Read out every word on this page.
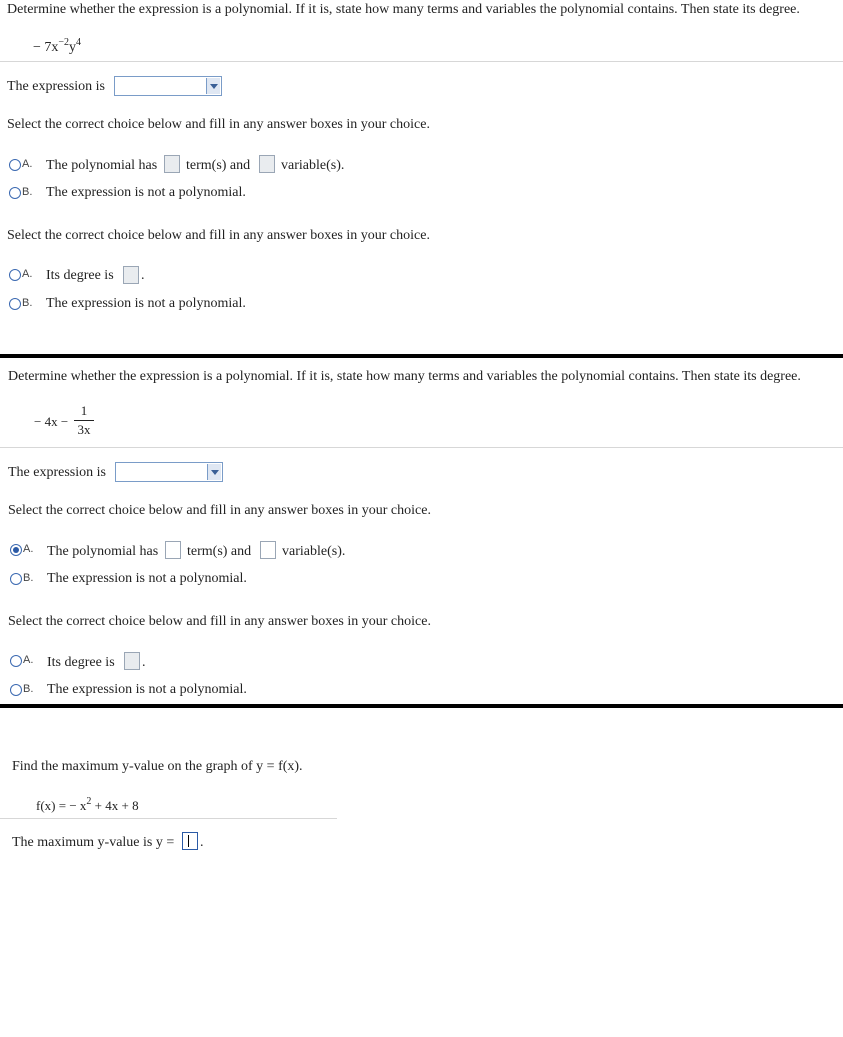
Determine whether the expression is a polynomial. If it is, state how many terms and variables the polynomial contains. Then state its degree.
− $7x^{-2}y^4$
The expression is
Select the correct choice below and fill in any answer boxes in your choice.
A. The polynomial has term(s) and variable(s).
B. The expression is not a polynomial.
Select the correct choice below and fill in any answer boxes in your choice.
A. Its degree is .
B. The expression is not a polynomial.
Determine whether the expression is a polynomial. If it is, state how many terms and variables the polynomial contains. Then state its degree.
− 4x −
1
3x
The expression is
Select the correct choice below and fill in any answer boxes in your choice.
A. The polynomial has term(s) and variable(s).
B. The expression is not a polynomial.
Select the correct choice below and fill in any answer boxes in your choice.
A. Its degree is .
B. The expression is not a polynomial.
Find the maximum y-value on the graph of y = f(x).
f(x) = − $x^2 + 4x + 8$
The maximum y-value is y = .
